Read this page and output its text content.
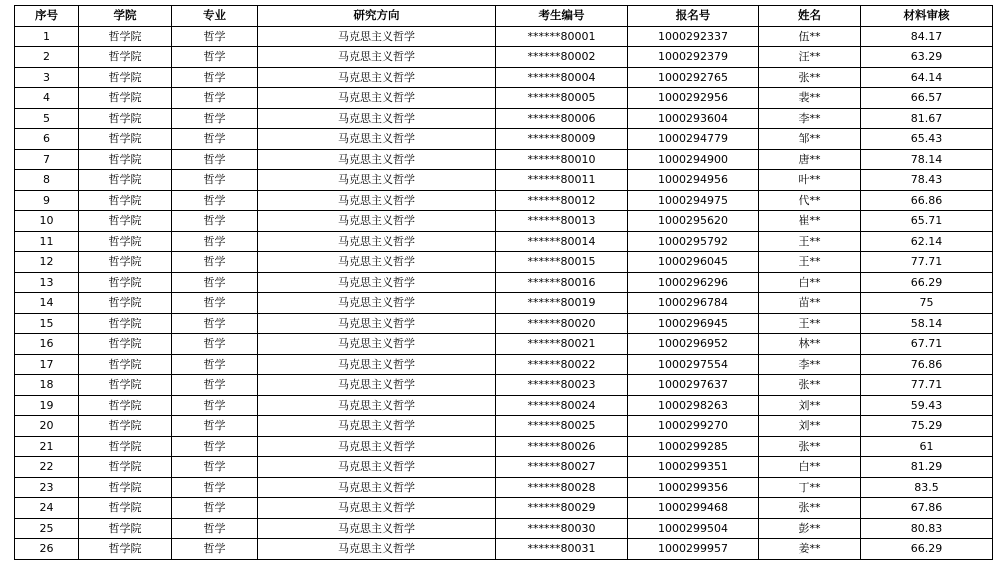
序号	学院	专业	研究方向	考生编号	报名号	姓名	材料审核
1	哲学院	哲学	马克思主义哲学	******80001	1000292337	伍**	84.17
2	哲学院	哲学	马克思主义哲学	******80002	1000292379	汪**	63.29
3	哲学院	哲学	马克思主义哲学	******80004	1000292765	张**	64.14
4	哲学院	哲学	马克思主义哲学	******80005	1000292956	裴**	66.57
5	哲学院	哲学	马克思主义哲学	******80006	1000293604	李**	81.67
6	哲学院	哲学	马克思主义哲学	******80009	1000294779	邹**	65.43
7	哲学院	哲学	马克思主义哲学	******80010	1000294900	唐**	78.14
8	哲学院	哲学	马克思主义哲学	******80011	1000294956	叶**	78.43
9	哲学院	哲学	马克思主义哲学	******80012	1000294975	代**	66.86
10	哲学院	哲学	马克思主义哲学	******80013	1000295620	崔**	65.71
11	哲学院	哲学	马克思主义哲学	******80014	1000295792	王**	62.14
12	哲学院	哲学	马克思主义哲学	******80015	1000296045	王**	77.71
13	哲学院	哲学	马克思主义哲学	******80016	1000296296	白**	66.29
14	哲学院	哲学	马克思主义哲学	******80019	1000296784	苗**	75
15	哲学院	哲学	马克思主义哲学	******80020	1000296945	王**	58.14
16	哲学院	哲学	马克思主义哲学	******80021	1000296952	林**	67.71
17	哲学院	哲学	马克思主义哲学	******80022	1000297554	李**	76.86
18	哲学院	哲学	马克思主义哲学	******80023	1000297637	张**	77.71
19	哲学院	哲学	马克思主义哲学	******80024	1000298263	刘**	59.43
20	哲学院	哲学	马克思主义哲学	******80025	1000299270	刘**	75.29
21	哲学院	哲学	马克思主义哲学	******80026	1000299285	张**	61
22	哲学院	哲学	马克思主义哲学	******80027	1000299351	白**	81.29
23	哲学院	哲学	马克思主义哲学	******80028	1000299356	丁**	83.5
24	哲学院	哲学	马克思主义哲学	******80029	1000299468	张**	67.86
25	哲学院	哲学	马克思主义哲学	******80030	1000299504	彭**	80.83
26	哲学院	哲学	马克思主义哲学	******80031	1000299957	姜**	66.29
